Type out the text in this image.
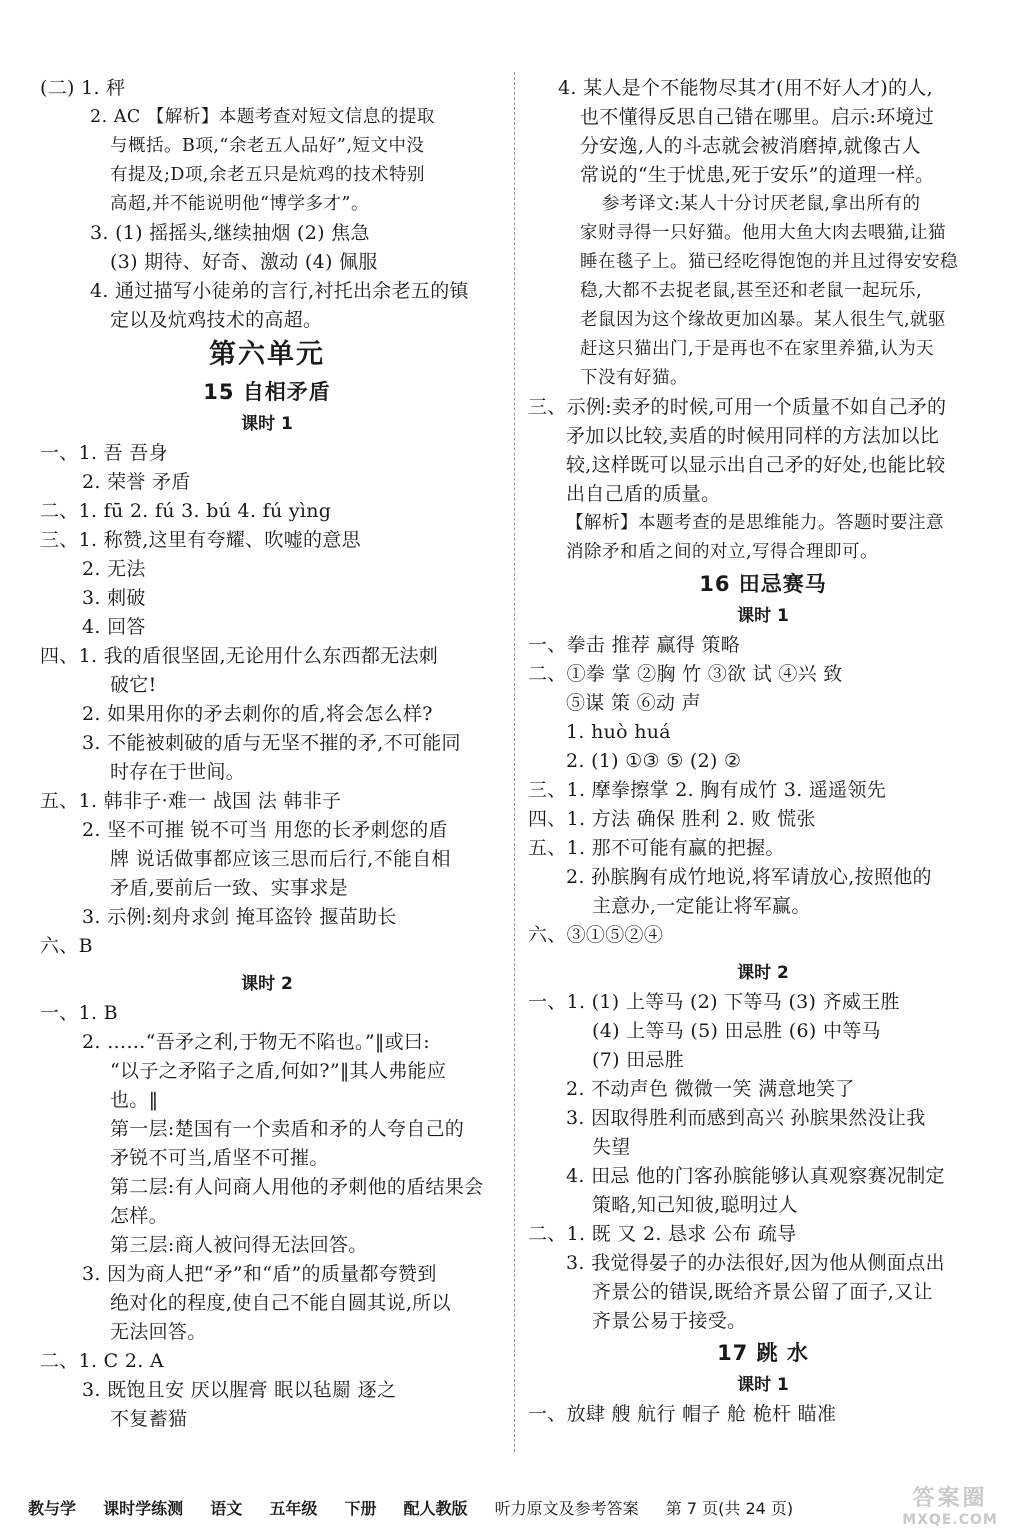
(二) 1. 秤
2. AC 【解析】本题考查对短文信息的提取
与概括。B项,“余老五人品好”,短文中没
有提及;D项,余老五只是炕鸡的技术特别
高超,并不能说明他“博学多才”。
3. (1) 摇摇头,继续抽烟 (2) 焦急
(3) 期待、好奇、激动 (4) 佩服
4. 通过描写小徒弟的言行,衬托出余老五的镇
定以及炕鸡技术的高超。
第六单元
15 自相矛盾
课时 1
一、1. 吾 吾身
2. 荣誉 矛盾
二、1. fū 2. fú 3. bú 4. fú yìng
三、1. 称赞,这里有夸耀、吹嘘的意思
2. 无法
3. 刺破
4. 回答
四、1. 我的盾很坚固,无论用什么东西都无法刺
破它!
2. 如果用你的矛去刺你的盾,将会怎么样?
3. 不能被刺破的盾与无坚不摧的矛,不可能同
时存在于世间。
五、1. 韩非子·难一 战国 法 韩非子
2. 坚不可摧 锐不可当 用您的长矛刺您的盾
牌 说话做事都应该三思而后行,不能自相
矛盾,要前后一致、实事求是
3. 示例:刻舟求剑 掩耳盗铃 揠苗助长
六、B
课时 2
一、1. B
2. ……“吾矛之利,于物无不陷也。”‖或曰:
“以子之矛陷子之盾,何如?”‖其人弗能应
也。‖
第一层:楚国有一个卖盾和矛的人夸自己的
矛锐不可当,盾坚不可摧。
第二层:有人问商人用他的矛刺他的盾结果会
怎样。
第三层:商人被问得无法回答。
3. 因为商人把“矛”和“盾”的质量都夸赞到
绝对化的程度,使自己不能自圆其说,所以
无法回答。
二、1. C 2. A
3. 既饱且安 厌以腥膏 眠以毡罽 逐之
不复蓄猫
4. 某人是个不能物尽其才(用不好人才)的人,
也不懂得反思自己错在哪里。启示:环境过
分安逸,人的斗志就会被消磨掉,就像古人
常说的“生于忧患,死于安乐”的道理一样。
参考译文:某人十分讨厌老鼠,拿出所有的
家财寻得一只好猫。他用大鱼大肉去喂猫,让猫
睡在毯子上。猫已经吃得饱饱的并且过得安安稳
稳,大都不去捉老鼠,甚至还和老鼠一起玩乐,
老鼠因为这个缘故更加凶暴。某人很生气,就驱
赶这只猫出门,于是再也不在家里养猫,认为天
下没有好猫。
三、示例:卖矛的时候,可用一个质量不如自己矛的
矛加以比较,卖盾的时候用同样的方法加以比
较,这样既可以显示出自己矛的好处,也能比较
出自己盾的质量。
【解析】本题考查的是思维能力。答题时要注意
消除矛和盾之间的对立,写得合理即可。
16 田忌赛马
课时 1
一、拳击 推荐 赢得 策略
二、①拳 掌 ②胸 竹 ③欲 试 ④兴 致
⑤谋 策 ⑥动 声
1. huò huá
2. (1) ①③ ⑤ (2) ②
三、1. 摩拳擦掌 2. 胸有成竹 3. 遥遥领先
四、1. 方法 确保 胜利 2. 败 慌张
五、1. 那不可能有赢的把握。
2. 孙膑胸有成竹地说,将军请放心,按照他的
主意办,一定能让将军赢。
六、③①⑤②④
课时 2
一、1. (1) 上等马 (2) 下等马 (3) 齐威王胜
(4) 上等马 (5) 田忌胜 (6) 中等马
(7) 田忌胜
2. 不动声色 微微一笑 满意地笑了
3. 因取得胜利而感到高兴 孙膑果然没让我
失望
4. 田忌 他的门客孙膑能够认真观察赛况制定
策略,知己知彼,聪明过人
二、1. 既 又 2. 恳求 公布 疏导
3. 我觉得晏子的办法很好,因为他从侧面点出
齐景公的错误,既给齐景公留了面子,又让
齐景公易于接受。
17 跳 水
课时 1
一、放肆 艘 航行 帽子 舱 桅杆 瞄准
教与学 课时学练测 语文 五年级 下册 配人教版 听力原文及参考答案 第 7 页(共 24 页)	答案圈
MXQE.COM
